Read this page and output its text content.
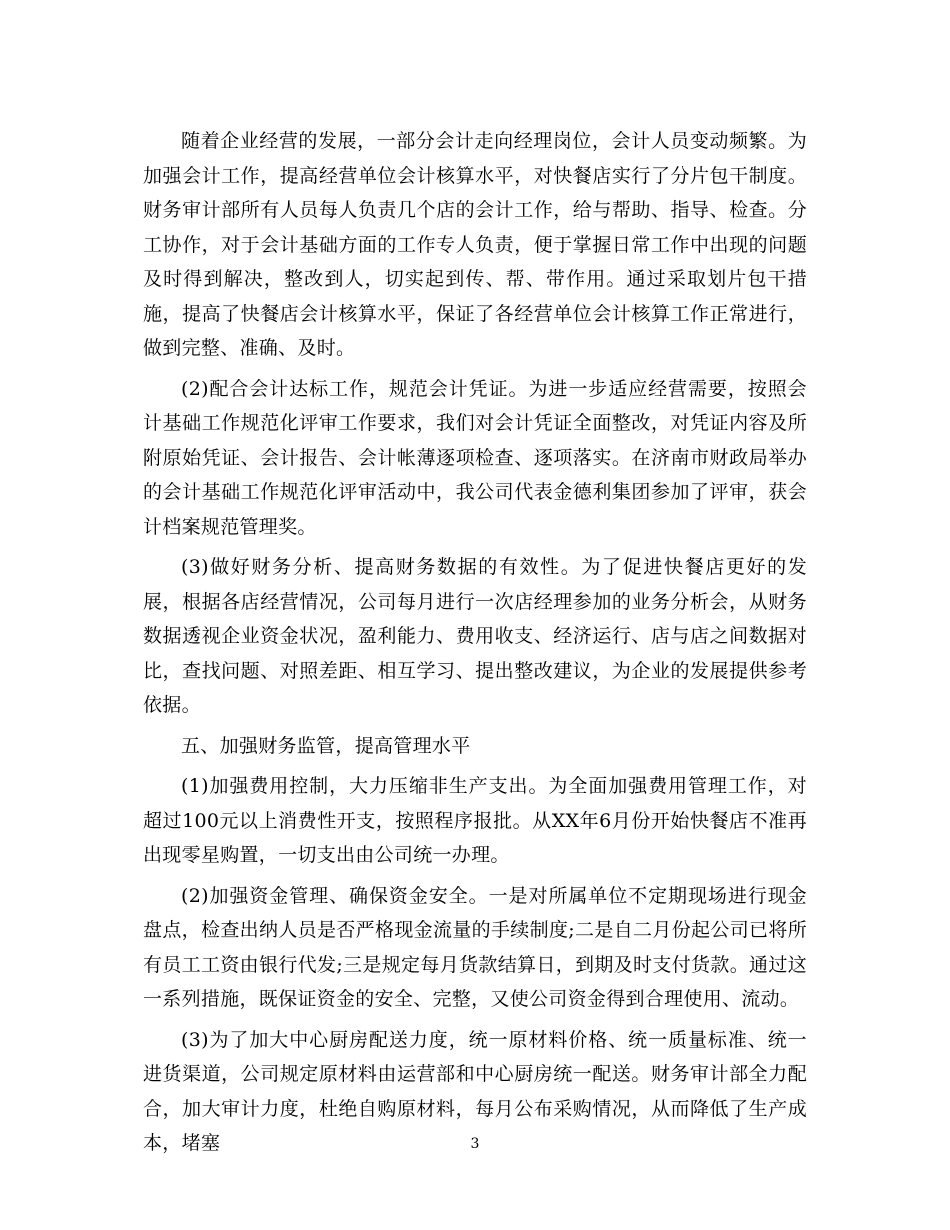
随着企业经营的发展，一部分会计走向经理岗位，会计人员变动频繁。为加强会计工作，提高经营单位会计核算水平，对快餐店实行了分片包干制度。财务审计部所有人员每人负责几个店的会计工作，给与帮助、指导、检查。分工协作，对于会计基础方面的工作专人负责，便于掌握日常工作中出现的问题及时得到解决，整改到人，切实起到传、帮、带作用。通过采取划片包干措施，提高了快餐店会计核算水平，保证了各经营单位会计核算工作正常进行，做到完整、准确、及时。

(2)配合会计达标工作，规范会计凭证。为进一步适应经营需要，按照会计基础工作规范化评审工作要求，我们对会计凭证全面整改，对凭证内容及所附原始凭证、会计报告、会计帐薄逐项检查、逐项落实。在济南市财政局举办的会计基础工作规范化评审活动中，我公司代表金德利集团参加了评审，获会计档案规范管理奖。

(3)做好财务分析、提高财务数据的有效性。为了促进快餐店更好的发展，根据各店经营情况，公司每月进行一次店经理参加的业务分析会，从财务数据透视企业资金状况，盈利能力、费用收支、经济运行、店与店之间数据对比，查找问题、对照差距、相互学习、提出整改建议，为企业的发展提供参考依据。

五、加强财务监管，提高管理水平

(1)加强费用控制，大力压缩非生产支出。为全面加强费用管理工作，对超过100元以上消费性开支，按照程序报批。从XX年6月份开始快餐店不准再出现零星购置，一切支出由公司统一办理。

(2)加强资金管理、确保资金安全。一是对所属单位不定期现场进行现金盘点，检查出纳人员是否严格现金流量的手续制度;二是自二月份起公司已将所有员工工资由银行代发;三是规定每月货款结算日，到期及时支付货款。通过这一系列措施，既保证资金的安全、完整，又使公司资金得到合理使用、流动。

(3)为了加大中心厨房配送力度，统一原材料价格、统一质量标准、统一进货渠道，公司规定原材料由运营部和中心厨房统一配送。财务审计部全力配合，加大审计力度，杜绝自购原材料，每月公布采购情况，从而降低了生产成本，堵塞	3
